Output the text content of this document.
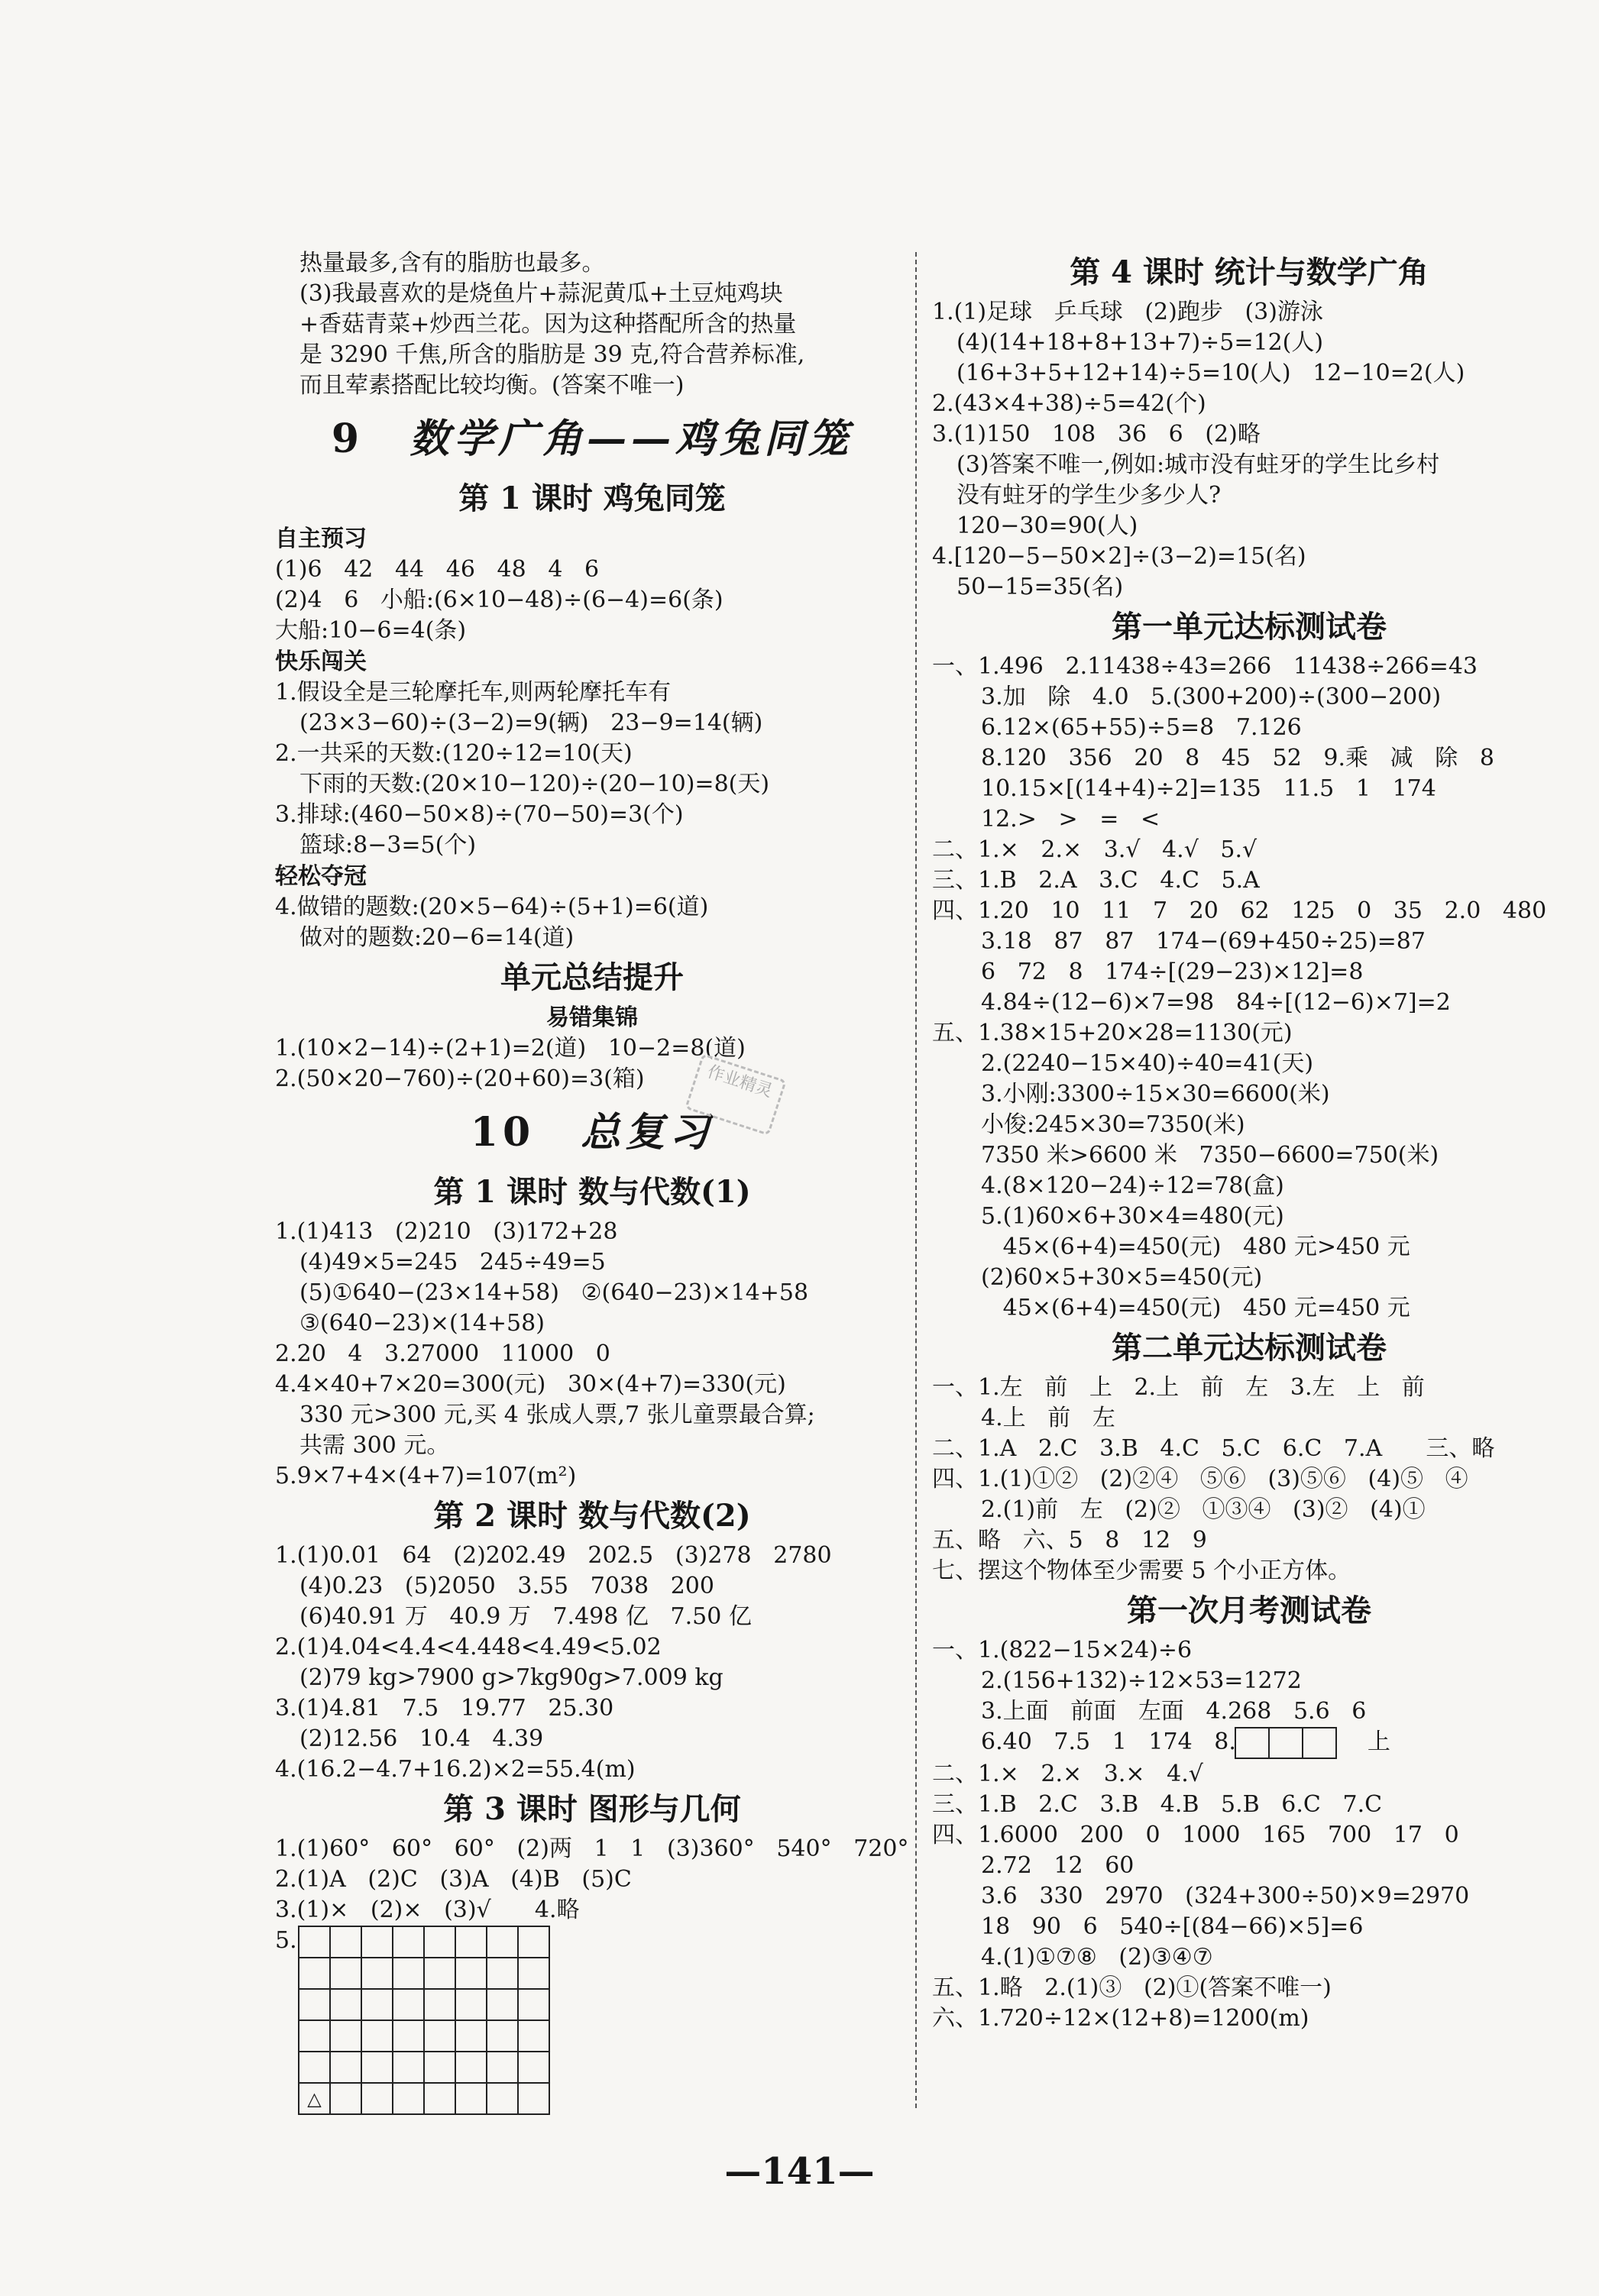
热量最多,含有的脂肪也最多。
(3)我最喜欢的是烧鱼片+蒜泥黄瓜+土豆炖鸡块
+香菇青菜+炒西兰花。因为这种搭配所含的热量
是 3290 千焦,所含的脂肪是 39 克,符合营养标准,
而且荤素搭配比较均衡。(答案不唯一)
9 数学广角——鸡兔同笼
第 1 课时 鸡兔同笼
自主预习
(1)6   42   44   46   48   4   6
(2)4   6   小船:(6×10−48)÷(6−4)=6(条)
大船:10−6=4(条)
快乐闯关
1.假设全是三轮摩托车,则两轮摩托车有
(23×3−60)÷(3−2)=9(辆)   23−9=14(辆)
2.一共采的天数:(120÷12=10(天)
下雨的天数:(20×10−120)÷(20−10)=8(天)
3.排球:(460−50×8)÷(70−50)=3(个)
篮球:8−3=5(个)
轻松夺冠
4.做错的题数:(20×5−64)÷(5+1)=6(道)
做对的题数:20−6=14(道)
单元总结提升
易错集锦
1.(10×2−14)÷(2+1)=2(道)   10−2=8(道)
2.(50×20−760)÷(20+60)=3(箱)
10 总复习
第 1 课时 数与代数(1)
1.(1)413   (2)210   (3)172+28
(4)49×5=245   245÷49=5
(5)①640−(23×14+58)   ②(640−23)×14+58
③(640−23)×(14+58)
2.20   4   3.27000   11000   0
4.4×40+7×20=300(元)   30×(4+7)=330(元)
330 元>300 元,买 4 张成人票,7 张儿童票最合算;
共需 300 元。
5.9×7+4×(4+7)=107(m²)
第 2 课时 数与代数(2)
1.(1)0.01   64   (2)202.49   202.5   (3)278   2780
(4)0.23   (5)2050   3.55   7038   200
(6)40.91 万   40.9 万   7.498 亿   7.50 亿
2.(1)4.04<4.4<4.448<4.49<5.02
(2)79 kg>7900 g>7kg90g>7.009 kg
3.(1)4.81   7.5   19.77   25.30
(2)12.56   10.4   4.39
4.(16.2−4.7+16.2)×2=55.4(m)
第 3 课时 图形与几何
1.(1)60°   60°   60°   (2)两   1   1   (3)360°   540°   720°
2.(1)A   (2)C   (3)A   (4)B   (5)C
3.(1)×   (2)×   (3)√      4.略
5.

△							
第 4 课时 统计与数学广角
1.(1)足球   乒乓球   (2)跑步   (3)游泳
(4)(14+18+8+13+7)÷5=12(人)
(16+3+5+12+14)÷5=10(人)   12−10=2(人)
2.(43×4+38)÷5=42(个)
3.(1)150   108   36   6   (2)略
(3)答案不唯一,例如:城市没有蛀牙的学生比乡村
没有蛀牙的学生少多少人?
120−30=90(人)
4.[120−5−50×2]÷(3−2)=15(名)
50−15=35(名)
第一单元达标测试卷
一、1.496   2.11438÷43=266   11438÷266=43
3.加   除   4.0   5.(300+200)÷(300−200)
6.12×(65+55)÷5=8   7.126
8.120   356   20   8   45   52   9.乘   减   除   8
10.15×[(14+4)÷2]=135   11.5   1   174
12.>   >   =   <
二、1.×   2.×   3.√   4.√   5.√
三、1.B   2.A   3.C   4.C   5.A
四、1.20   10   11   7   20   62   125   0   35   2.0   480
3.18   87   87   174−(69+450÷25)=87
6   72   8   174÷[(29−23)×12]=8
4.84÷(12−6)×7=98   84÷[(12−6)×7]=2
五、1.38×15+20×28=1130(元)
2.(2240−15×40)÷40=41(天)
3.小刚:3300÷15×30=6600(米)
小俊:245×30=7350(米)
7350 米>6600 米   7350−6600=750(米)
4.(8×120−24)÷12=78(盒)
5.(1)60×6+30×4=480(元)
45×(6+4)=450(元)   480 元>450 元
(2)60×5+30×5=450(元)
45×(6+4)=450(元)   450 元=450 元
第二单元达标测试卷
一、1.左   前   上   2.上   前   左   3.左   上   前
4.上   前   左
二、1.A   2.C   3.B   4.C   5.C   6.C   7.A      三、略
四、1.(1)①②   (2)②④   ⑤⑥   (3)⑤⑥   (4)⑤   ④
2.(1)前   左   (2)②   ①③④   (3)②   (4)①
五、略   六、5   8   12   9
七、摆这个物体至少需要 5 个小正方体。
第一次月考测试卷
一、1.(822−15×24)÷6
2.(156+132)÷12×53=1272
3.上面   前面   左面   4.268   5.6   6
6.40   7.5   1   174   8.	上
二、1.×   2.×   3.×   4.√
三、1.B   2.C   3.B   4.B   5.B   6.C   7.C
四、1.6000   200   0   1000   165   700   17   0
2.72   12   60
3.6   330   2970   (324+300÷50)×9=2970
18   90   6   540÷[(84−66)×5]=6
4.(1)①⑦⑧   (2)③④⑦
五、1.略   2.(1)③   (2)①(答案不唯一)
六、1.720÷12×(12+8)=1200(m)
作业精灵
—141—
